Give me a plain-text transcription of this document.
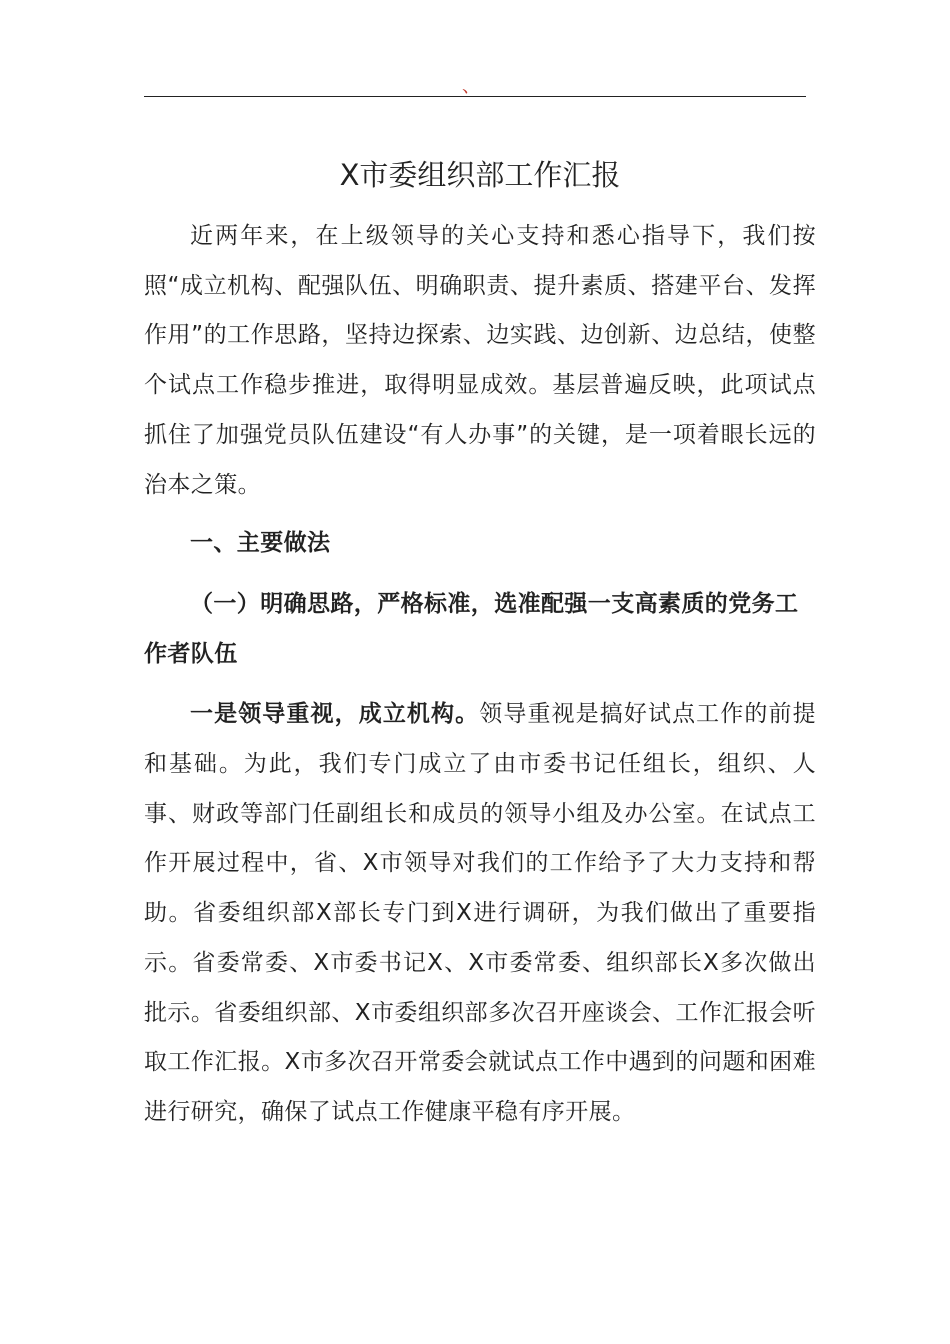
、
X市委组织部工作汇报

近两年来，在上级领导的关心支持和悉心指导下，我们按照“成立机构、配强队伍、明确职责、提升素质、搭建平台、发挥作用”的工作思路，坚持边探索、边实践、边创新、边总结，使整个试点工作稳步推进，取得明显成效。基层普遍反映，此项试点抓住了加强党员队伍建设“有人办事”的关键，是一项着眼长远的治本之策。

一、主要做法

（一）明确思路，严格标准，选准配强一支高素质的党务工作者队伍

一是领导重视，成立机构。领导重视是搞好试点工作的前提和基础。为此，我们专门成立了由市委书记任组长，组织、人事、财政等部门任副组长和成员的领导小组及办公室。在试点工作开展过程中，省、X市领导对我们的工作给予了大力支持和帮助。省委组织部X部长专门到X进行调研，为我们做出了重要指示。省委常委、X市委书记X、X市委常委、组织部长X多次做出批示。省委组织部、X市委组织部多次召开座谈会、工作汇报会听取工作汇报。X市多次召开常委会就试点工作中遇到的问题和困难进行研究，确保了试点工作健康平稳有序开展。
